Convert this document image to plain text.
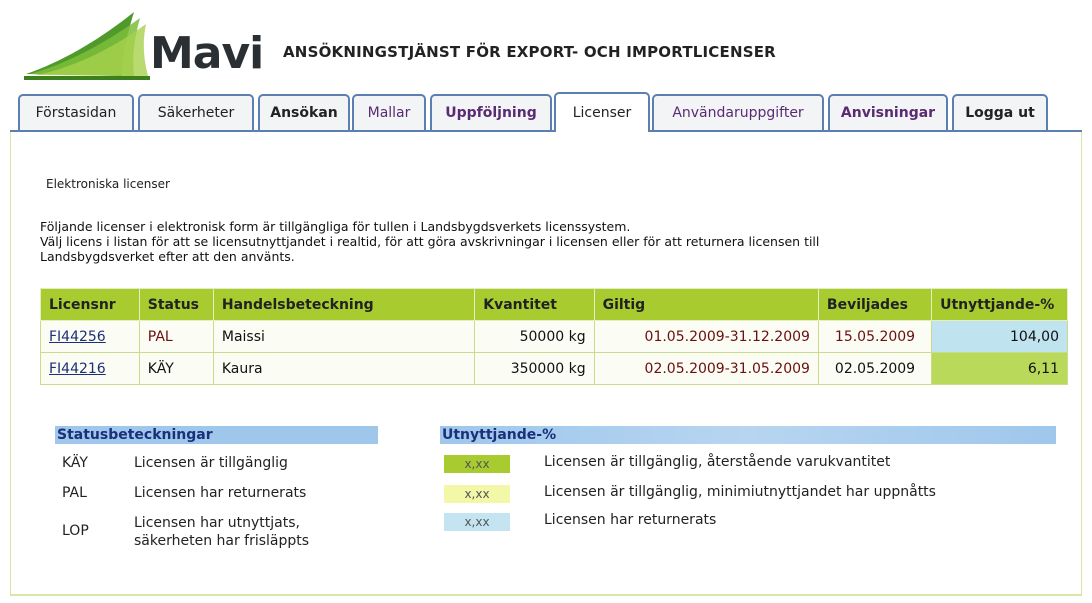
Mavi ANSÖKNINGSTJÄNST FÖR EXPORT- OCH IMPORTLICENSER
Förstasidan	Säkerheter	Ansökan	Mallar	Uppföljning	Licenser	Användaruppgifter	Anvisningar	Logga ut
Elektroniska licenser
Följande licenser i elektronisk form är tillgängliga för tullen i Landsbygdsverkets licenssystem.
Välj licens i listan för att se licensutnyttjandet i realtid, för att göra avskrivningar i licensen eller för att returnera licensen till
Landsbygdsverket efter att den använts.
Licensnr	Status	Handelsbeteckning	Kvantitet	Giltig	Beviljades	Utnyttjande-%
FI44256	PAL	Maissi	50000 kg	01.05.2009-31.12.2009	15.05.2009	104,00
FI44216	KÄY	Kaura	350000 kg	02.05.2009-31.05.2009	02.05.2009	6,11
Statusbeteckningar
KÄY	Licensen är tillgänglig
PAL	Licensen har returnerats
LOP	Licensen har utnyttjats,
säkerheten har frisläppts
Utnyttjande-%
x,xx	Licensen är tillgänglig, återstående varukvantitet
x,xx	Licensen är tillgänglig, minimiutnyttjandet har uppnåtts
x,xx	Licensen har returnerats
